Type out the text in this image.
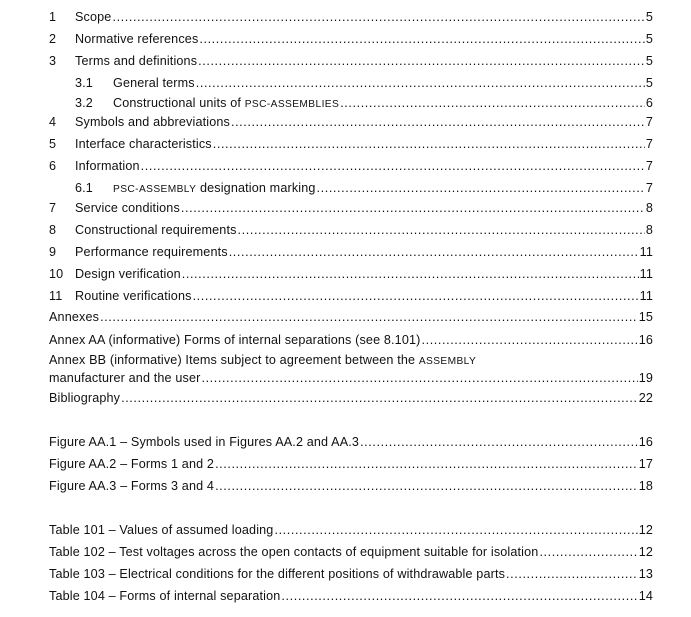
1	Scope .....	5
2	Normative references .....	5
3	Terms and definitions .....	5
3.1	General terms .....	5
3.2	Constructional units of PSC-ASSEMBLIES .....	6
4	Symbols and abbreviations .....	7
5	Interface characteristics .....	7
6	Information .....	7
6.1	PSC-ASSEMBLY designation marking .....	7
7	Service conditions .....	8
8	Constructional requirements .....	8
9	Performance requirements .....	11
10 Design verification .....	11
11	Routine verifications .....	11
Annexes .....	15
Annex AA (informative) Forms of internal separations (see 8.101) .....	16
Annex BB (informative) Items subject to agreement between the ASSEMBLY
manufacturer and the user .....	19
Bibliography .....	22
Figure AA.1 – Symbols used in Figures AA.2 and AA.3 .....	16
Figure AA.2 – Forms 1 and 2 .....	17
Figure AA.3 – Forms 3 and 4 .....	18
Table 101 – Values of assumed loading .....	12
Table 102 – Test voltages across the open contacts of equipment suitable for isolation .....	12
Table 103 – Electrical conditions for the different positions of withdrawable parts .....	13
Table 104 – Forms of internal separation .....	14
